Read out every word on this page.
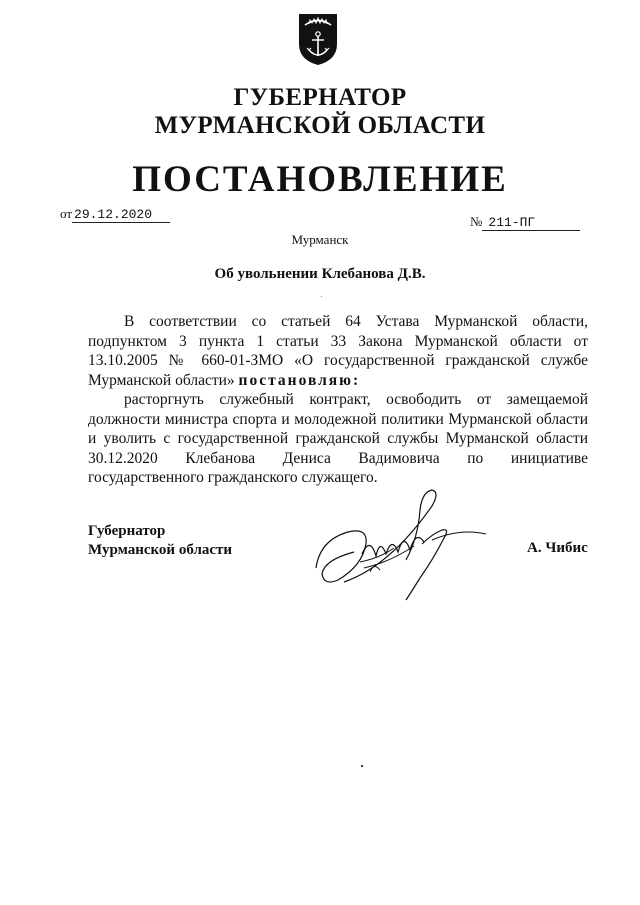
ГУБЕРНАТОР
МУРМАНСКОЙ ОБЛАСТИ
ПОСТАНОВЛЕНИЕ
от 29.12.2020	№ 211-ПГ
Мурманск
Об увольнении Клебанова Д.В.

В соответствии со статьей 64 Устава Мурманской области, подпунктом 3 пункта 1 статьи 33 Закона Мурманской области от 13.10.2005 № 660-01-ЗМО «О государственной гражданской службе Мурманской области» постановляю:

расторгнуть служебный контракт, освободить от замещаемой должности министра спорта и молодежной политики Мурманской области и уволить с государственной гражданской службы Мурманской области 30.12.2020 Клебанова Дениса Вадимовича по инициативе государственного гражданского служащего.

Губернатор
Мурманской области	А. Чибис
